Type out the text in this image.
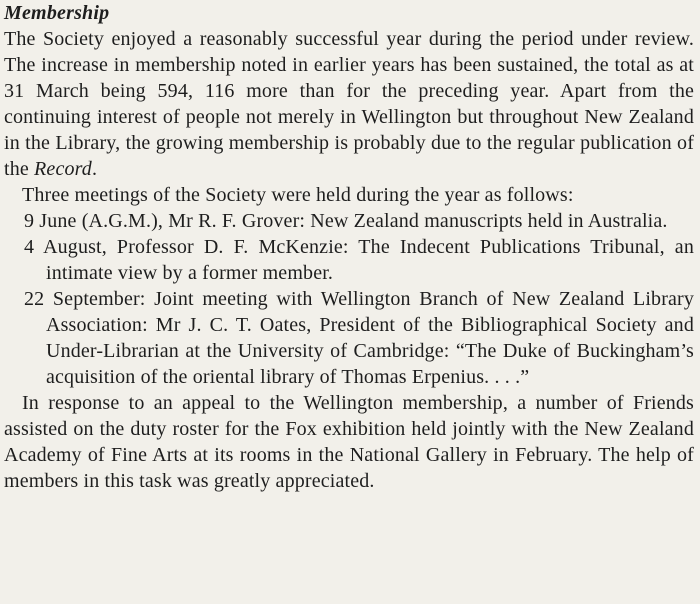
Membership

The Society enjoyed a reasonably successful year during the period under review. The increase in membership noted in earlier years has been sustained, the total as at 31 March being 594, 116 more than for the preceding year. Apart from the continuing interest of people not merely in Wellington but throughout New Zealand in the Library, the growing membership is probably due to the regular publication of the Record.

Three meetings of the Society were held during the year as follows:

9 June (A.G.M.), Mr R. F. Grover: New Zealand manuscripts held in Australia.
4 August, Professor D. F. McKenzie: The Indecent Publications Tribunal, an intimate view by a former member.
22 September: Joint meeting with Wellington Branch of New Zealand Library Association: Mr J. C. T. Oates, President of the Bibliographical Society and Under-Librarian at the University of Cambridge: “The Duke of Buckingham’s acquisition of the oriental library of Thomas Erpenius. . . .”

In response to an appeal to the Wellington membership, a number of Friends assisted on the duty roster for the Fox exhibition held jointly with the New Zealand Academy of Fine Arts at its rooms in the National Gallery in February. The help of members in this task was greatly appreciated.
